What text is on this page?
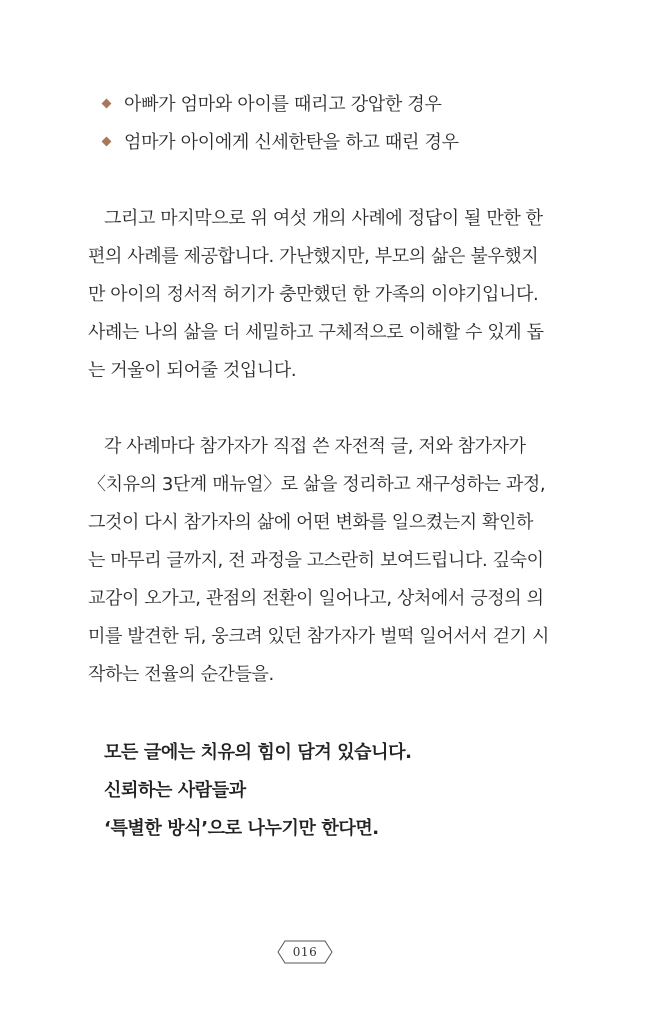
아빠가 엄마와 아이를 때리고 강압한 경우
엄마가 아이에게 신세한탄을 하고 때린 경우
그리고 마지막으로 위 여섯 개의 사례에 정답이 될 만한 한
편의 사례를 제공합니다. 가난했지만, 부모의 삶은 불우했지
만 아이의 정서적 허기가 충만했던 한 가족의 이야기입니다.
사례는 나의 삶을 더 세밀하고 구체적으로 이해할 수 있게 돕
는 거울이 되어줄 것입니다.
각 사례마다 참가자가 직접 쓴 자전적 글, 저와 참가자가
〈치유의 3단계 매뉴얼〉로 삶을 정리하고 재구성하는 과정,
그것이 다시 참가자의 삶에 어떤 변화를 일으켰는지 확인하
는 마무리 글까지, 전 과정을 고스란히 보여드립니다. 깊숙이
교감이 오가고, 관점의 전환이 일어나고, 상처에서 긍정의 의
미를 발견한 뒤, 웅크려 있던 참가자가 벌떡 일어서서 걷기 시
작하는 전율의 순간들을.
모든 글에는 치유의 힘이 담겨 있습니다.
신뢰하는 사람들과
‘특별한 방식’으로 나누기만 한다면.
016
